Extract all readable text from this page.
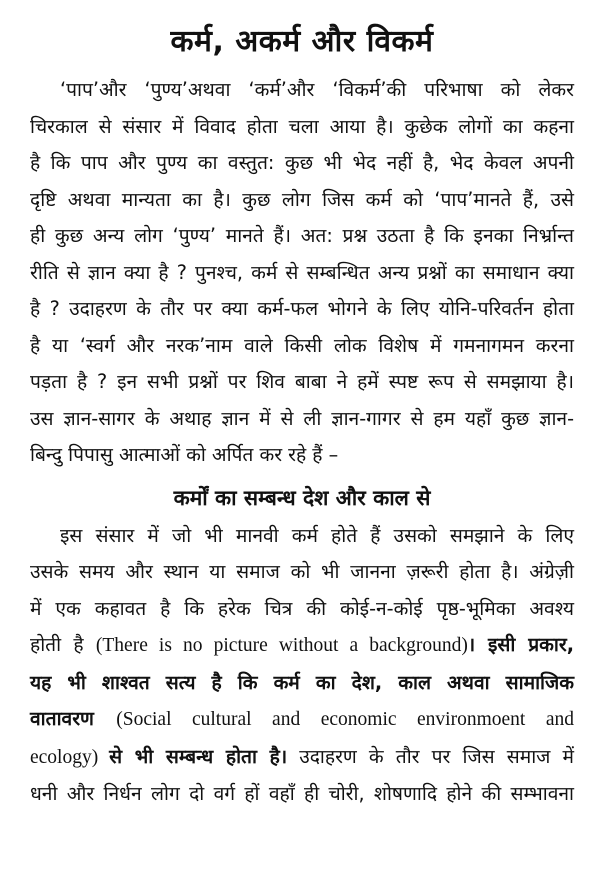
कर्म, अकर्म और विकर्म
‘पाप’और ‘पुण्य’अथवा ‘कर्म’और ‘विकर्म’की परिभाषा को लेकर
चिरकाल से संसार में विवाद होता चला आया है। कुछेक लोगों का कहना
है कि पाप और पुण्य का वस्तुत: कुछ भी भेद नहीं है, भेद केवल अपनी
दृष्टि अथवा मान्यता का है। कुछ लोग जिस कर्म को ‘पाप’मानते हैं, उसे
ही कुछ अन्य लोग ‘पुण्य’ मानते हैं। अत: प्रश्न उठता है कि इनका निर्भ्रान्त
रीति से ज्ञान क्या है ? पुनश्च, कर्म से सम्बन्धित अन्य प्रश्नों का समाधान क्या
है ? उदाहरण के तौर पर क्या कर्म-फल भोगने के लिए योनि-परिवर्तन होता
है या ‘स्वर्ग और नरक’नाम वाले किसी लोक विशेष में गमनागमन करना
पड़ता है ? इन सभी प्रश्नों पर शिव बाबा ने हमें स्पष्ट रूप से समझाया है।
उस ज्ञान-सागर के अथाह ज्ञान में से ली ज्ञान-गागर से हम यहाँ कुछ ज्ञान-
बिन्दु पिपासु आत्माओं को अर्पित कर रहे हैं –
कर्मों का सम्बन्ध देश और काल से
इस संसार में जो भी मानवी कर्म होते हैं उसको समझाने के लिए
उसके समय और स्थान या समाज को भी जानना ज़रूरी होता है। अंग्रेज़ी
में एक कहावत है कि हरेक चित्र की कोई-न-कोई पृष्ठ-भूमिका अवश्य
होती है (There is no picture without a background)। इसी प्रकार,
यह भी शाश्वत सत्य है कि कर्म का देश, काल अथवा सामाजिक
वातावरण (Social cultural and economic environmoent and
ecology) से भी सम्बन्ध होता है। उदाहरण के तौर पर जिस समाज में
धनी और निर्धन लोग दो वर्ग हों वहाँ ही चोरी, शोषणादि होने की सम्भावना
